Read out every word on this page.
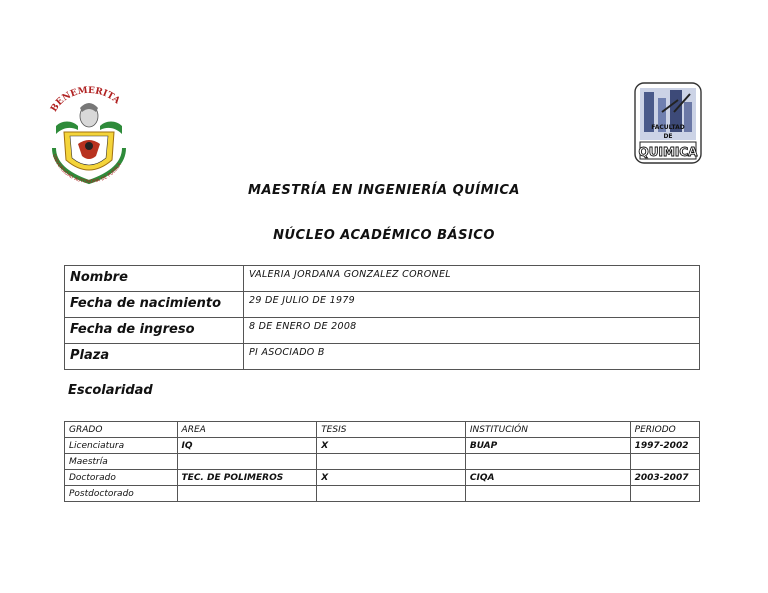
BENEMERITA
UNIVERSIDAD AUTONOMA DE PUEBLA
FACULTAD
DE
QUIMICA
MAESTRÍA EN INGENIERÍA QUÍMICA
NÚCLEO ACADÉMICO BÁSICO
Nombre	VALERIA JORDANA GONZALEZ CORONEL
Fecha de nacimiento	29 DE JULIO DE 1979
Fecha de ingreso	8 DE ENERO DE 2008
Plaza	PI ASOCIADO B
Escolaridad
GRADO	AREA	TESIS	INSTITUCIÓN	PERIODO
Licenciatura	IQ	X	BUAP	1997-2002
Maestría				
Doctorado	TEC. DE POLIMEROS	X	CIQA	2003-2007
Postdoctorado				
